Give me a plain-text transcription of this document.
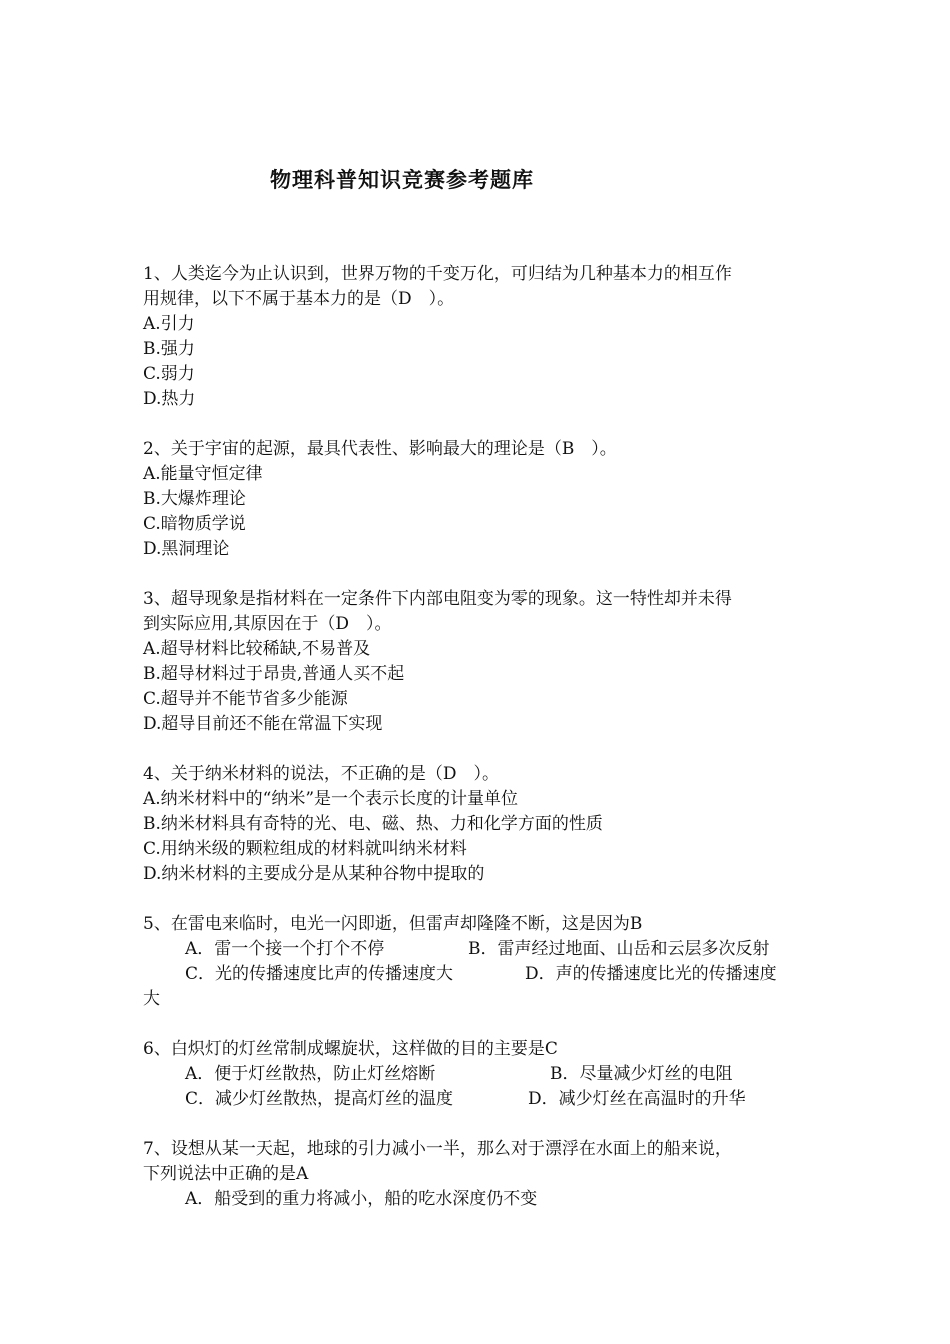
物理科普知识竞赛参考题库
1、人类迄今为止认识到，世界万物的千变万化，可归结为几种基本力的相互作
用规律，以下不属于基本力的是（D　）。
A.引力
B.强力
C.弱力
D.热力
2、关于宇宙的起源，最具代表性、影响最大的理论是（B　）。
A.能量守恒定律
B.大爆炸理论
C.暗物质学说
D.黑洞理论
3、超导现象是指材料在一定条件下内部电阻变为零的现象。这一特性却并未得
到实际应用,其原因在于（D　）。
A.超导材料比较稀缺,不易普及
B.超导材料过于昂贵,普通人买不起
C.超导并不能节省多少能源
D.超导目前还不能在常温下实现
4、关于纳米材料的说法，不正确的是（D　）。
A.纳米材料中的“纳米”是一个表示长度的计量单位
B.纳米材料具有奇特的光、电、磁、热、力和化学方面的性质
C.用纳米级的颗粒组成的材料就叫纳米材料
D.纳米材料的主要成分是从某种谷物中提取的
5、在雷电来临时，电光一闪即逝，但雷声却隆隆不断，这是因为B
A．雷一个接一个打个不停	B．雷声经过地面、山岳和云层多次反射
C．光的传播速度比声的传播速度大	D．声的传播速度比光的传播速度
大
6、白炽灯的灯丝常制成螺旋状，这样做的目的主要是C
A．便于灯丝散热，防止灯丝熔断	B．尽量减少灯丝的电阻
C．减少灯丝散热，提高灯丝的温度	D．减少灯丝在高温时的升华
7、设想从某一天起，地球的引力减小一半，那么对于漂浮在水面上的船来说，
下列说法中正确的是A
A．船受到的重力将减小，船的吃水深度仍不变
